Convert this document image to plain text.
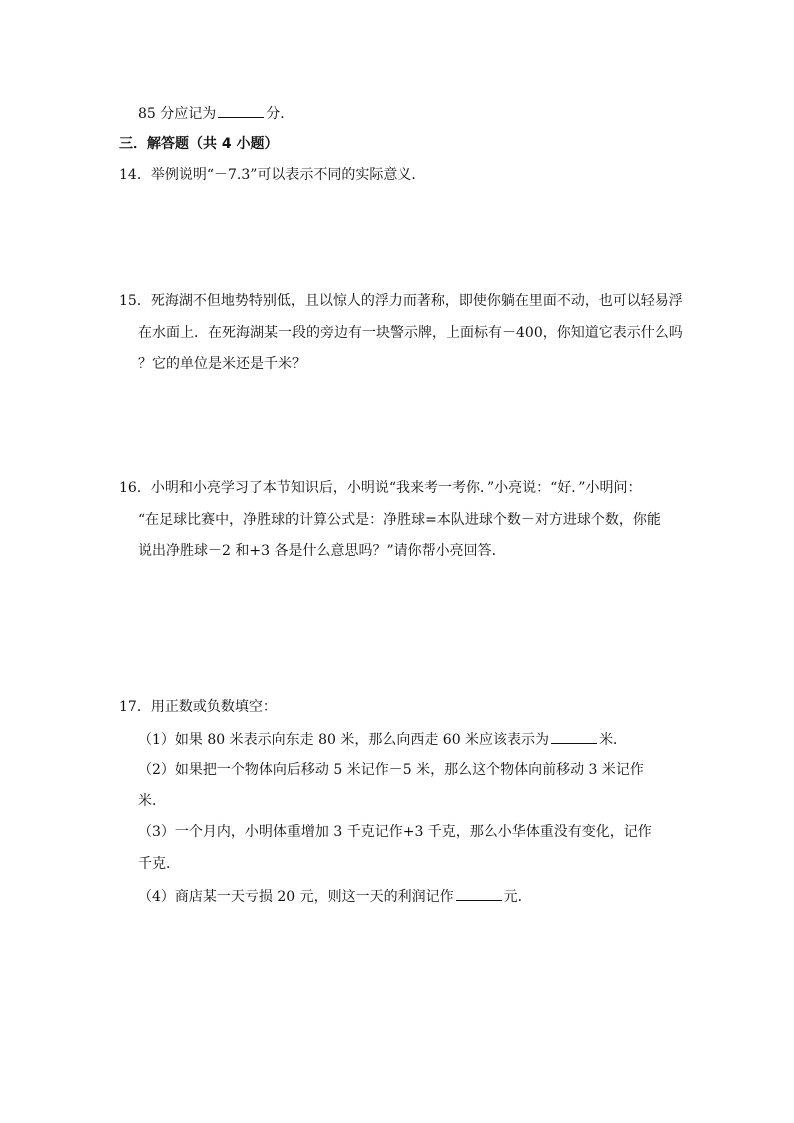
85 分应记为	分．
三．解答题（共 4 小题）
14．举例说明“－7.3”可以表示不同的实际意义．
15．死海湖不但地势特别低，且以惊人的浮力而著称，即使你躺在里面不动，也可以轻易浮
在水面上．在死海湖某一段的旁边有一块警示牌，上面标有－400，你知道它表示什么吗
？它的单位是米还是千米？
16．小明和小亮学习了本节知识后，小明说“我来考一考你．”小亮说：“好．”小明问：
“在足球比赛中，净胜球的计算公式是：净胜球=本队进球个数－对方进球个数，你能
说出净胜球－2 和+3 各是什么意思吗？”请你帮小亮回答．
17．用正数或负数填空：
（1）如果 80 米表示向东走 80 米，那么向西走 60 米应该表示为	米．
（2）如果把一个物体向后移动 5 米记作－5 米，那么这个物体向前移动 3 米记作
米．
（3）一个月内，小明体重增加 3 千克记作+3 千克，那么小华体重没有变化，记作
千克．
（4）商店某一天亏损 20 元，则这一天的利润记作	元．
